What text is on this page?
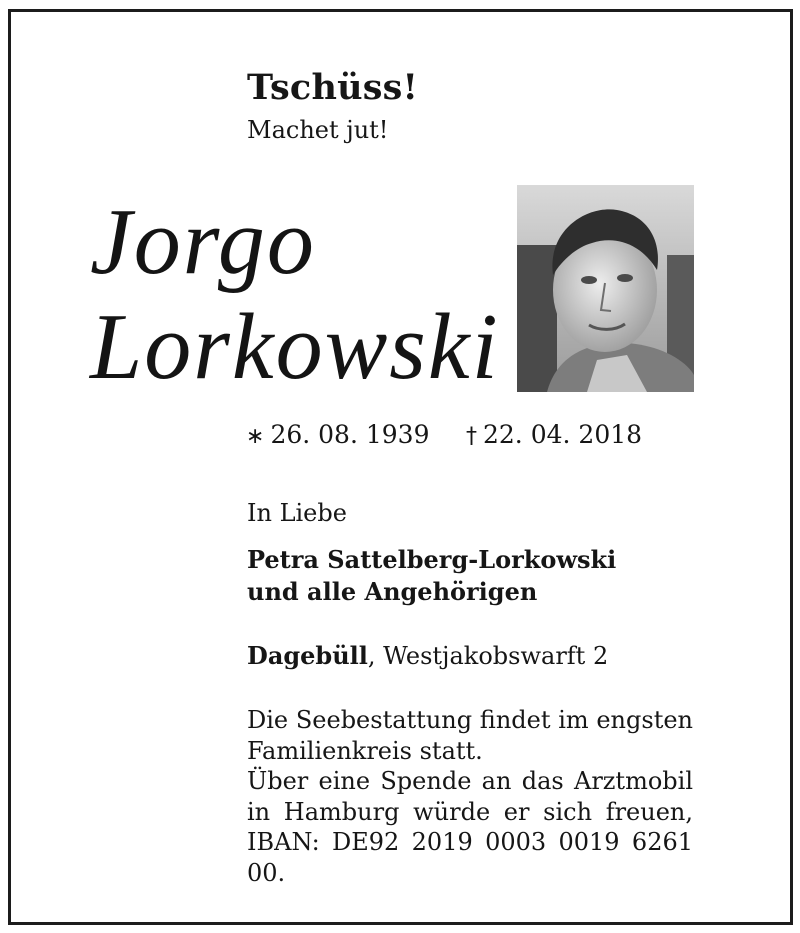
Tschüss!
Machet jut!
Jorgo
Lorkowski
∗ 26. 08. 1939 † 22. 04. 2018
In Liebe
Petra Sattelberg-Lorkowski
und alle Angehörigen
Dagebüll, Westjakobswarft 2
Die Seebestattung findet im engsten
Familienkreis statt.
Über eine Spende an das Arztmobil
in Hamburg würde er sich freuen,
IBAN: DE92 2019 0003 0019 6261 00.
